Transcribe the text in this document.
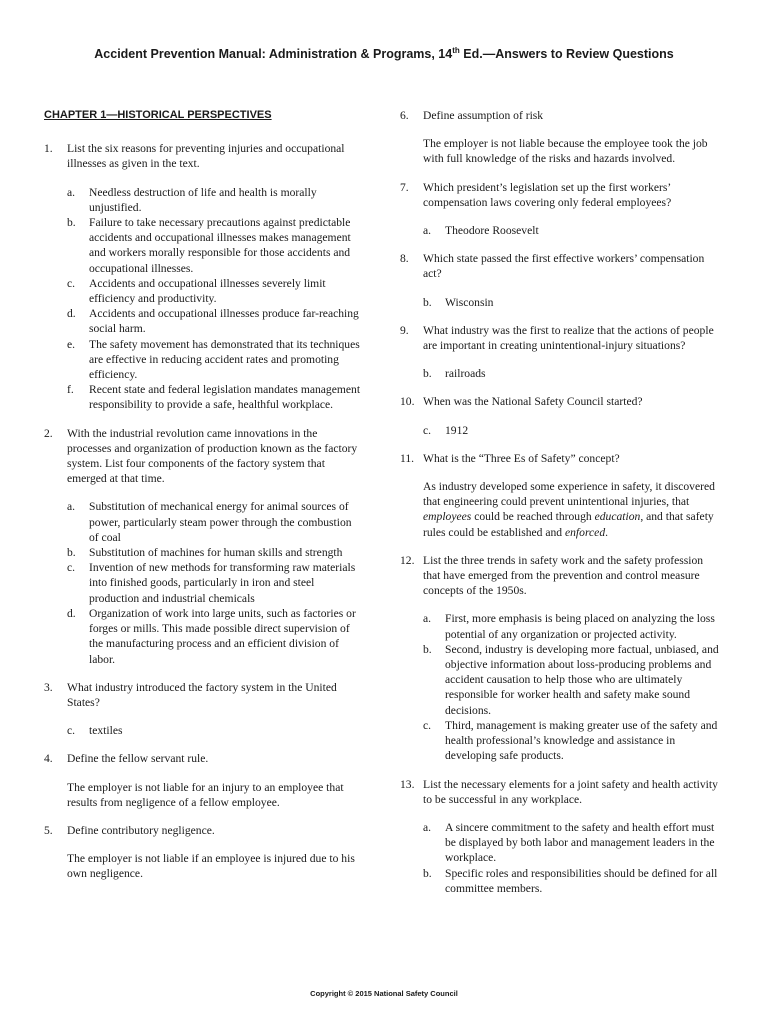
Accident Prevention Manual: Administration & Programs, 14th Ed.—Answers to Review Questions
CHAPTER 1—HISTORICAL PERSPECTIVES
1. List the six reasons for preventing injuries and occupational illnesses as given in the text.
a. Needless destruction of life and health is morally unjustified.
b. Failure to take necessary precautions against predictable accidents and occupational illnesses makes management and workers morally responsible for those accidents and occupational illnesses.
c. Accidents and occupational illnesses severely limit efficiency and productivity.
d. Accidents and occupational illnesses produce far-reaching social harm.
e. The safety movement has demonstrated that its techniques are effective in reducing accident rates and promoting efficiency.
f. Recent state and federal legislation mandates management responsibility to provide a safe, healthful workplace.
2. With the industrial revolution came innovations in the processes and organization of production known as the factory system. List four components of the factory system that emerged at that time.
a. Substitution of mechanical energy for animal sources of power, particularly steam power through the combustion of coal
b. Substitution of machines for human skills and strength
c. Invention of new methods for transforming raw materials into finished goods, particularly in iron and steel production and industrial chemicals
d. Organization of work into large units, such as factories or forges or mills. This made possible direct supervision of the manufacturing process and an efficient division of labor.
3. What industry introduced the factory system in the United States?
c. textiles
4. Define the fellow servant rule.
The employer is not liable for an injury to an employee that results from negligence of a fellow employee.
5. Define contributory negligence.
The employer is not liable if an employee is injured due to his own negligence.
6. Define assumption of risk
The employer is not liable because the employee took the job with full knowledge of the risks and hazards involved.
7. Which president’s legislation set up the first workers’ compensation laws covering only federal employees?
a. Theodore Roosevelt
8. Which state passed the first effective workers’ compensation act?
b. Wisconsin
9. What industry was the first to realize that the actions of people are important in creating unintentional-injury situations?
b. railroads
10. When was the National Safety Council started?
c. 1912
11. What is the “Three Es of Safety” concept?
As industry developed some experience in safety, it discovered that engineering could prevent unintentional injuries, that employees could be reached through education, and that safety rules could be established and enforced.
12. List the three trends in safety work and the safety profession that have emerged from the prevention and control measure concepts of the 1950s.
a. First, more emphasis is being placed on analyzing the loss potential of any organization or projected activity.
b. Second, industry is developing more factual, unbiased, and objective information about loss-producing problems and accident causation to help those who are ultimately responsible for worker health and safety make sound decisions.
c. Third, management is making greater use of the safety and health professional’s knowledge and assistance in developing safe products.
13. List the necessary elements for a joint safety and health activity to be successful in any workplace.
a. A sincere commitment to the safety and health effort must be displayed by both labor and management leaders in the workplace.
b. Specific roles and responsibilities should be defined for all committee members.
Copyright © 2015 National Safety Council
